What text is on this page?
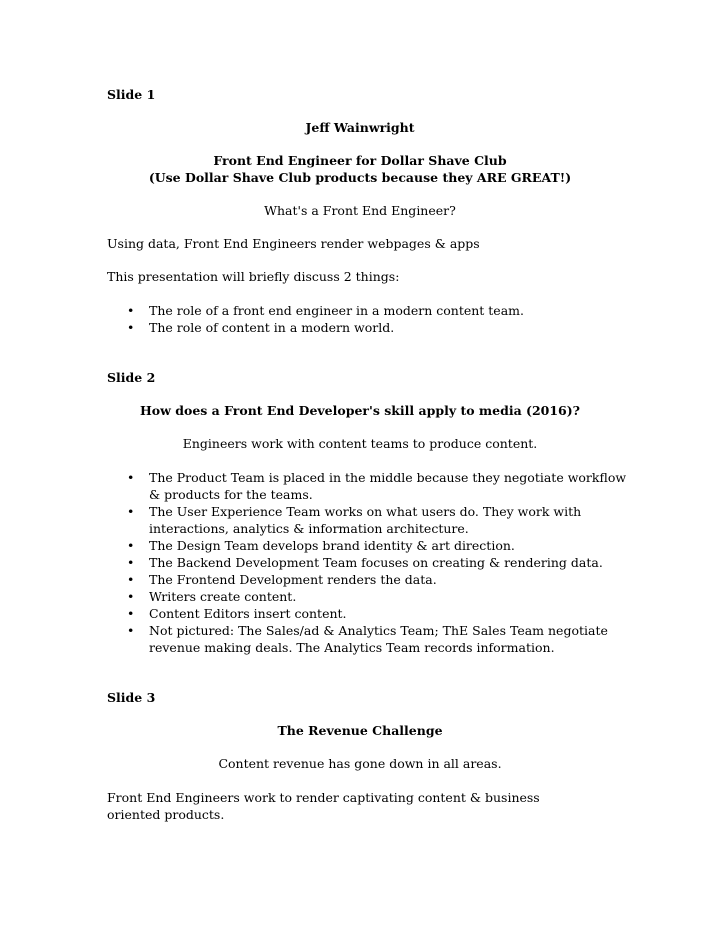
Slide 1
Jeff Wainwright
Front End Engineer for Dollar Shave Club
(Use Dollar Shave Club products because they ARE GREAT!)
What's a Front End Engineer?
Using data, Front End Engineers render webpages & apps
This presentation will briefly discuss 2 things:
• The role of a front end engineer in a modern content team.
• The role of content in a modern world.
Slide 2
How does a Front End Developer's skill apply to media (2016)?
Engineers work with content teams to produce content.
• The Product Team is placed in the middle because they negotiate workflow & products for the teams.
• The User Experience Team works on what users do. They work with interactions, analytics & information architecture.
• The Design Team develops brand identity & art direction.
• The Backend Development Team focuses on creating & rendering data.
• The Frontend Development renders the data.
• Writers create content.
• Content Editors insert content.
• Not pictured: The Sales/ad & Analytics Team; ThE Sales Team negotiate revenue making deals. The Analytics Team records information.
Slide 3
The Revenue Challenge
Content revenue has gone down in all areas.
Front End Engineers work to render captivating content & business oriented products.
